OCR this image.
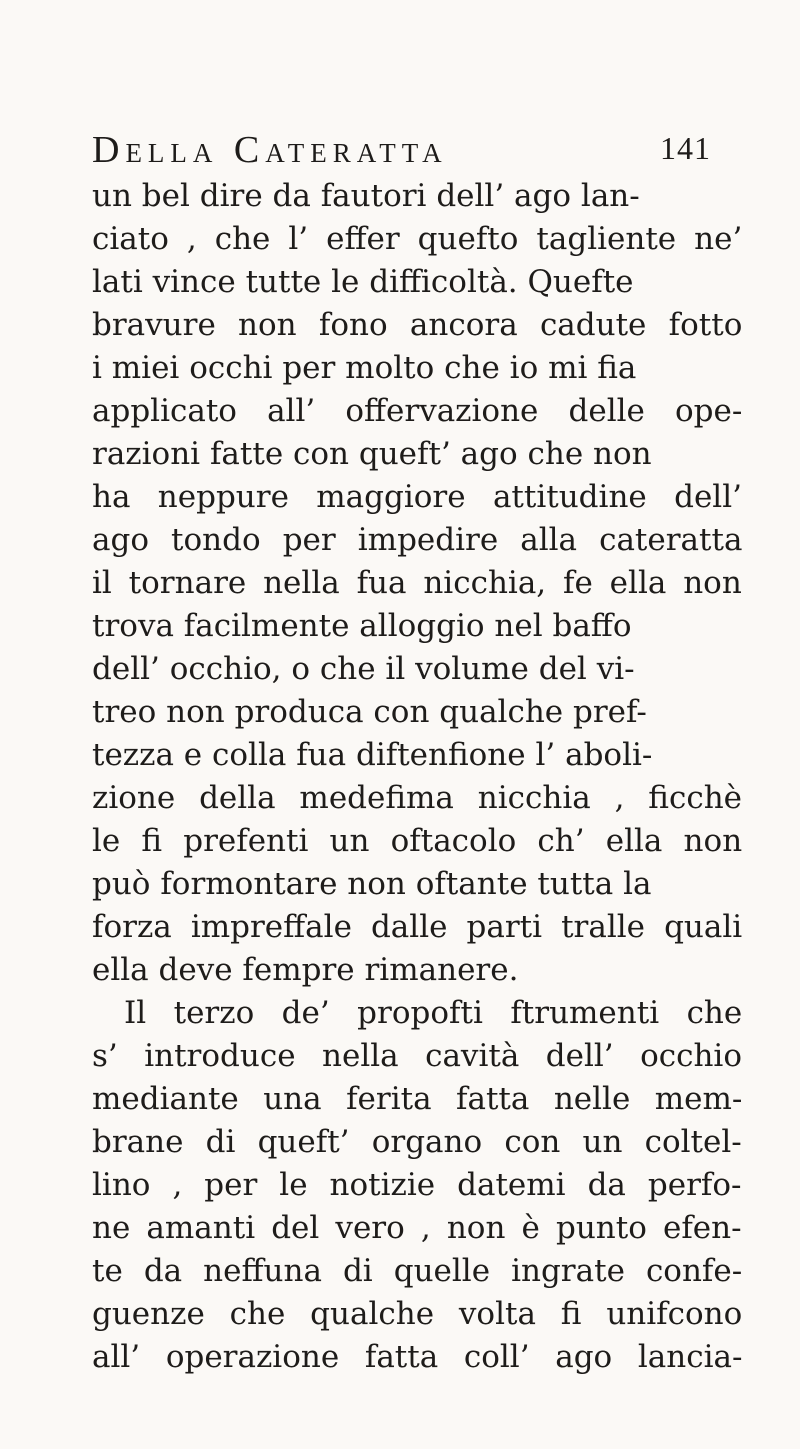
Della Cateratta	141
un bel dire da fautori dell’ ago lan-
ciato , che l’ effer quefto tagliente ne’
lati vince tutte le difficoltà. Quefte
bravure non fono ancora cadute fotto
i miei occhi per molto che io mi fia
applicato all’ offervazione delle ope-
razioni fatte con queft’ ago che non
ha neppure maggiore attitudine dell’
ago tondo per impedire alla cateratta
il tornare nella fua nicchia, fe ella non
trova facilmente alloggio nel baffo
dell’ occhio, o che il volume del vi-
treo non produca con qualche pref-
tezza e colla fua diftenfione l’ aboli-
zione della medefima nicchia , ficchè
le fi prefenti un oftacolo ch’ ella non
può formontare non oftante tutta la
forza impreffale dalle parti tralle quali
ella deve fempre rimanere.
Il terzo de’ propofti ftrumenti che
s’ introduce nella cavità dell’ occhio
mediante una ferita fatta nelle mem-
brane di queft’ organo con un coltel-
lino , per le notizie datemi da perfo-
ne amanti del vero , non è punto efen-
te da neffuna di quelle ingrate confe-
guenze che qualche volta fi unifcono
all’ operazione fatta coll’ ago lancia-
